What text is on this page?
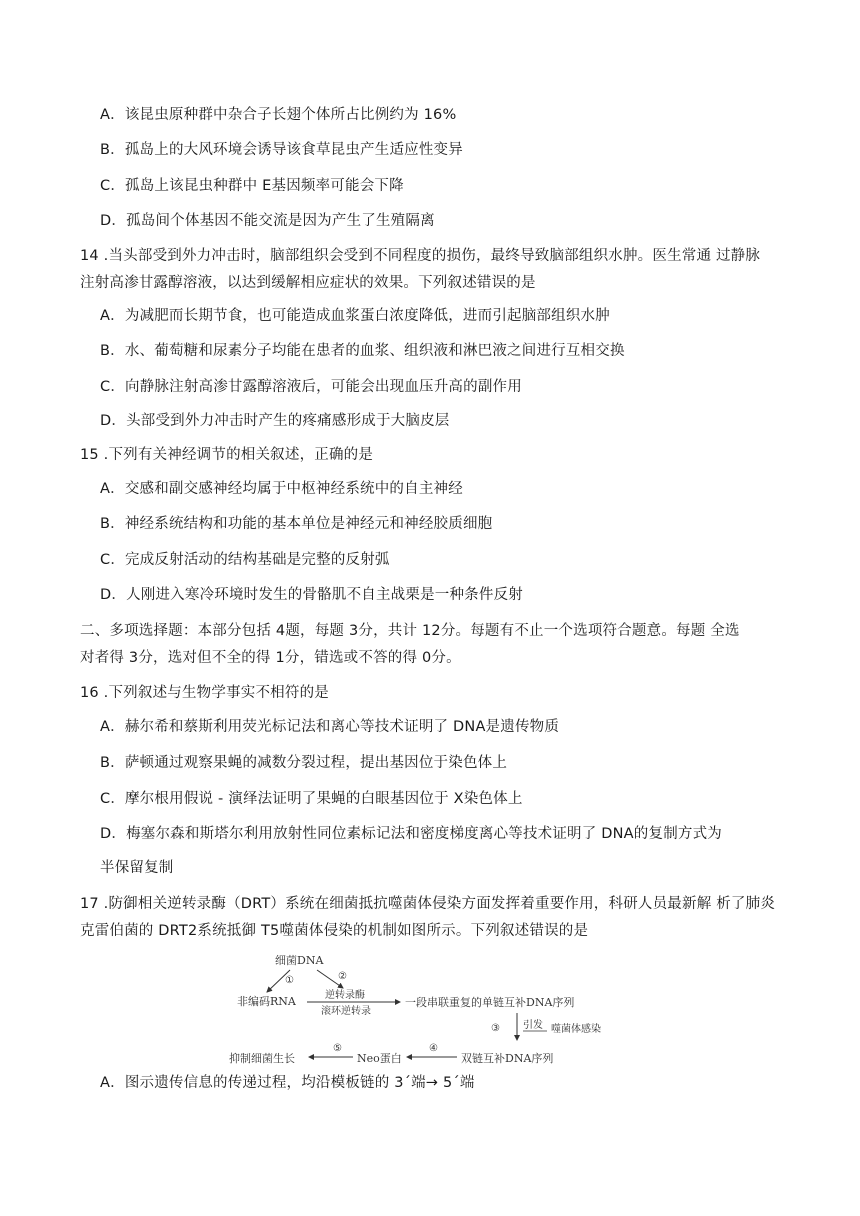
A．该昆虫原种群中杂合子长翅个体所占比例约为 16%
B．孤岛上的大风环境会诱导该食草昆虫产生适应性变异
C．孤岛上该昆虫种群中 E基因频率可能会下降
D．孤岛间个体基因不能交流是因为产生了生殖隔离
14 .当头部受到外力冲击时，脑部组织会受到不同程度的损伤，最终导致脑部组织水肿。医生常通 过静脉
注射高渗甘露醇溶液，以达到缓解相应症状的效果。下列叙述错误的是
A．为减肥而长期节食，也可能造成血浆蛋白浓度降低，进而引起脑部组织水肿
B．水、葡萄糖和尿素分子均能在患者的血浆、组织液和淋巴液之间进行互相交换
C．向静脉注射高渗甘露醇溶液后，可能会出现血压升高的副作用
D．头部受到外力冲击时产生的疼痛感形成于大脑皮层
15 .下列有关神经调节的相关叙述，正确的是
A．交感和副交感神经均属于中枢神经系统中的自主神经
B．神经系统结构和功能的基本单位是神经元和神经胶质细胞
C．完成反射活动的结构基础是完整的反射弧
D．人刚进入寒冷环境时发生的骨骼肌不自主战栗是一种条件反射
二、多项选择题：本部分包括 4题，每题 3分，共计 12分。每题有不止一个选项符合题意。每题 全选
对者得 3分，选对但不全的得 1分，错选或不答的得 0分。
16 .下列叙述与生物学事实不相符的是
A．赫尔希和蔡斯利用荧光标记法和离心等技术证明了 DNA是遗传物质
B．萨顿通过观察果蝇的减数分裂过程，提出基因位于染色体上
C．摩尔根用假说 - 演绎法证明了果蝇的白眼基因位于 X染色体上
D．梅塞尔森和斯塔尔利用放射性同位素标记法和密度梯度离心等技术证明了 DNA的复制方式为
半保留复制
17 .防御相关逆转录酶（DRT）系统在细菌抵抗噬菌体侵染方面发挥着重要作用，科研人员最新解 析了肺炎
克雷伯菌的 DRT2系统抵御 T5噬菌体侵染的机制如图所示。下列叙述错误的是
细菌DNA
①	②
非编码RNA	逆转录酶
滚环逆转录
一段串联重复的单链互补DNA序列
③ 引发 噬菌体感染
双链互补DNA序列
④
Neo蛋白
⑤
抑制细菌生长
A．图示遗传信息的传递过程，均沿模板链的 3´端→ 5´端
